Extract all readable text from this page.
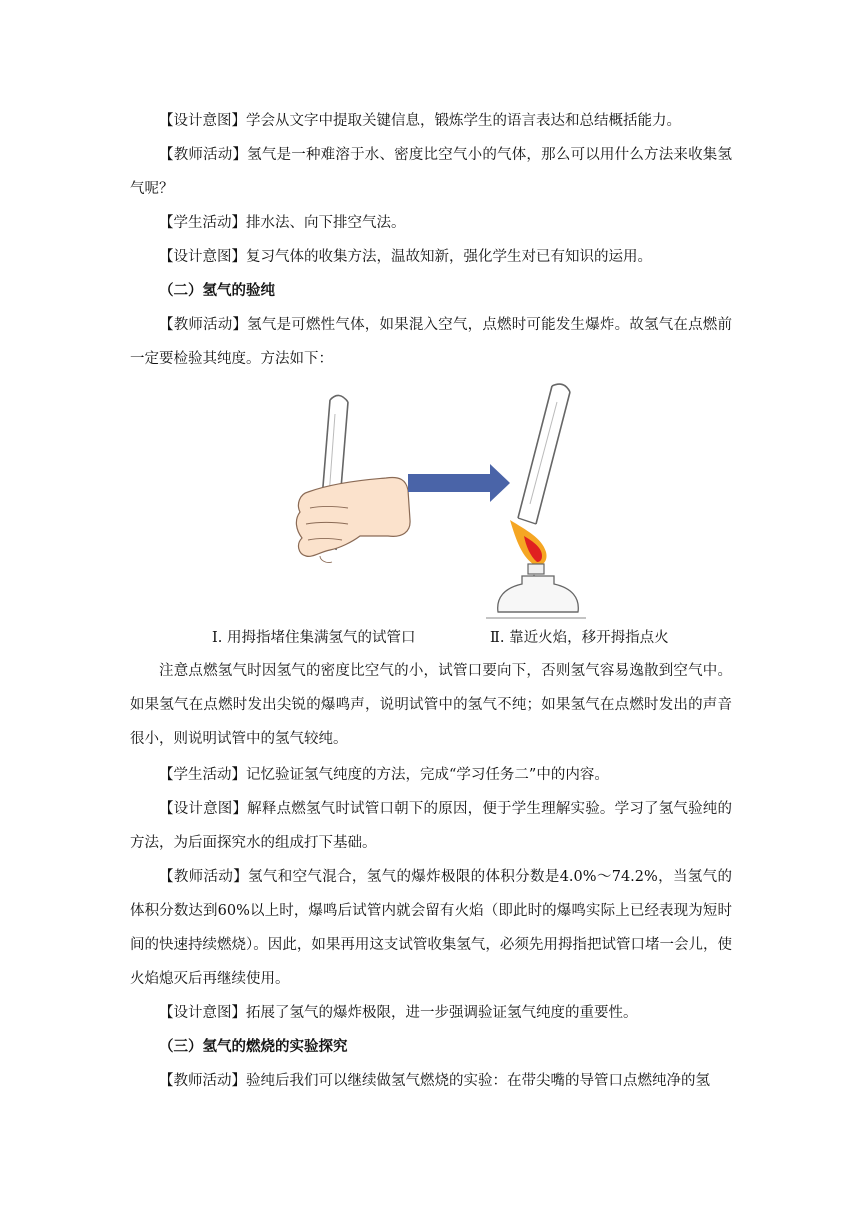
【设计意图】学会从文字中提取关键信息，锻炼学生的语言表达和总结概括能力。

【教师活动】氢气是一种难溶于水、密度比空气小的气体，那么可以用什么方法来收集氢气呢？

【学生活动】排水法、向下排空气法。

【设计意图】复习气体的收集方法，温故知新，强化学生对已有知识的运用。

（二）氢气的验纯

【教师活动】氢气是可燃性气体，如果混入空气，点燃时可能发生爆炸。故氢气在点燃前一定要检验其纯度。方法如下：

Ⅰ. 用拇指堵住集满氢气的试管口	Ⅱ. 靠近火焰，移开拇指点火

注意点燃氢气时因氢气的密度比空气的小，试管口要向下，否则氢气容易逸散到空气中。如果氢气在点燃时发出尖锐的爆鸣声，说明试管中的氢气不纯；如果氢气在点燃时发出的声音很小，则说明试管中的氢气较纯。

【学生活动】记忆验证氢气纯度的方法，完成“学习任务二”中的内容。

【设计意图】解释点燃氢气时试管口朝下的原因，便于学生理解实验。学习了氢气验纯的方法，为后面探究水的组成打下基础。

【教师活动】氢气和空气混合，氢气的爆炸极限的体积分数是4.0%～74.2%，当氢气的体积分数达到60%以上时，爆鸣后试管内就会留有火焰（即此时的爆鸣实际上已经表现为短时间的快速持续燃烧）。因此，如果再用这支试管收集氢气，必须先用拇指把试管口堵一会儿，使火焰熄灭后再继续使用。

【设计意图】拓展了氢气的爆炸极限，进一步强调验证氢气纯度的重要性。

（三）氢气的燃烧的实验探究

【教师活动】验纯后我们可以继续做氢气燃烧的实验：在带尖嘴的导管口点燃纯净的氢
